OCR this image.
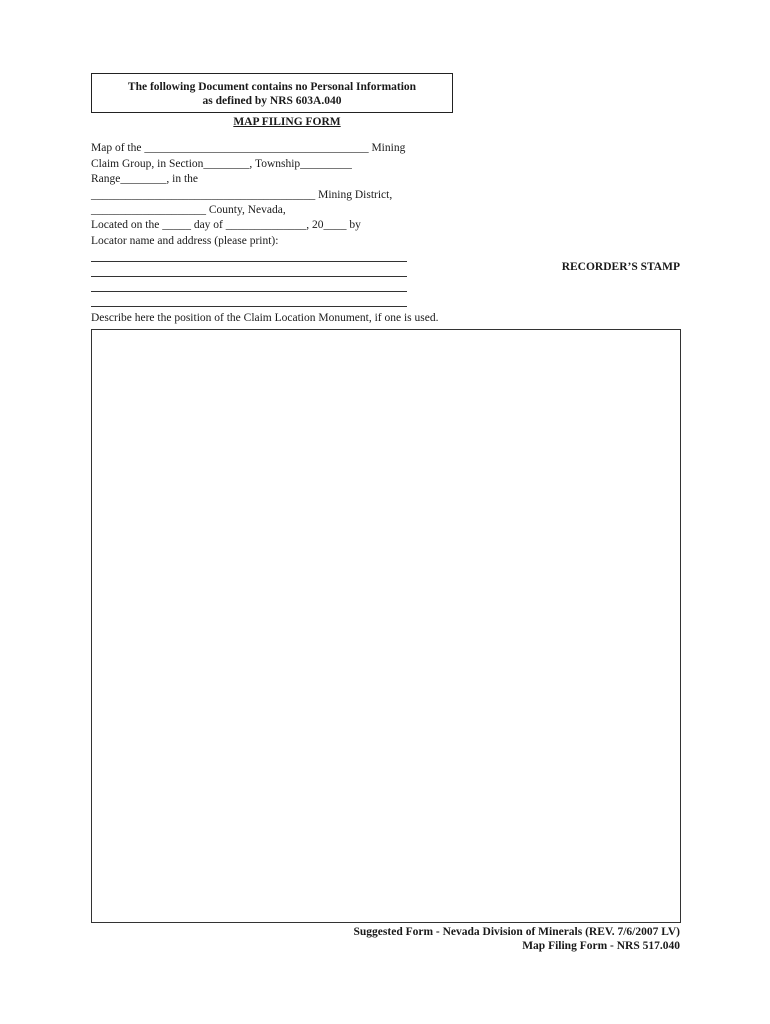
The following Document contains no Personal Information
as defined by NRS 603A.040
MAP FILING FORM
Map of the _______________________________________ Mining
Claim Group, in Section________, Township_________
Range________, in the
_______________________________________ Mining District,
____________________ County, Nevada,
Located on the _____ day of ______________, 20____ by
Locator name and address (please print):
RECORDER’S STAMP
Describe here the position of the Claim Location Monument, if one is used.
Suggested Form - Nevada Division of Minerals (REV. 7/6/2007 LV)
Map Filing Form - NRS 517.040
